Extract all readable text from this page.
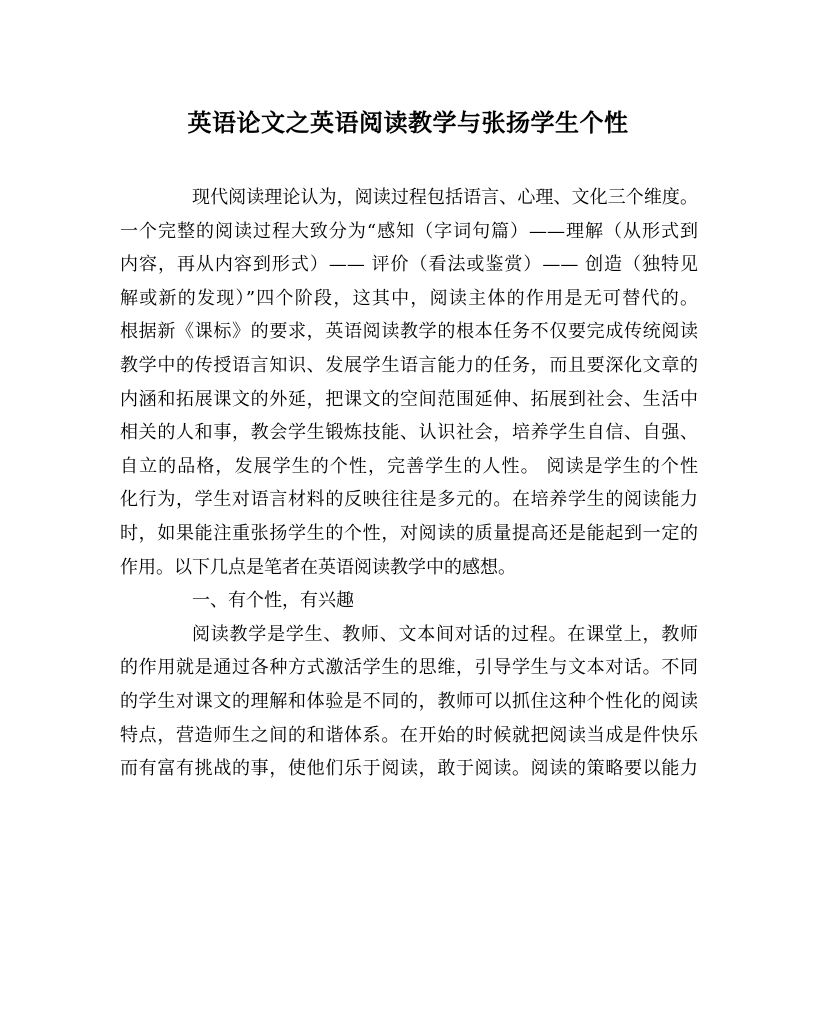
英语论文之英语阅读教学与张扬学生个性
现代阅读理论认为，阅读过程包括语言、心理、文化三个维度。
一个完整的阅读过程大致分为“感知（字词句篇）——理解（从形式到
内容，再从内容到形式）—— 评价（看法或鉴赏）—— 创造（独特见
解或新的发现）”四个阶段，这其中，阅读主体的作用是无可替代的。
根据新《课标》的要求，英语阅读教学的根本任务不仅要完成传统阅读
教学中的传授语言知识、发展学生语言能力的任务，而且要深化文章的
内涵和拓展课文的外延，把课文的空间范围延伸、拓展到社会、生活中
相关的人和事，教会学生锻炼技能、认识社会，培养学生自信、自强、
自立的品格，发展学生的个性，完善学生的人性。 阅读是学生的个性
化行为，学生对语言材料的反映往往是多元的。在培养学生的阅读能力
时，如果能注重张扬学生的个性，对阅读的质量提高还是能起到一定的
作用。以下几点是笔者在英语阅读教学中的感想。
一、有个性，有兴趣
阅读教学是学生、教师、文本间对话的过程。在课堂上，教师
的作用就是通过各种方式激活学生的思维，引导学生与文本对话。不同
的学生对课文的理解和体验是不同的，教师可以抓住这种个性化的阅读
特点，营造师生之间的和谐体系。在开始的时候就把阅读当成是件快乐
而有富有挑战的事，使他们乐于阅读，敢于阅读。阅读的策略要以能力
